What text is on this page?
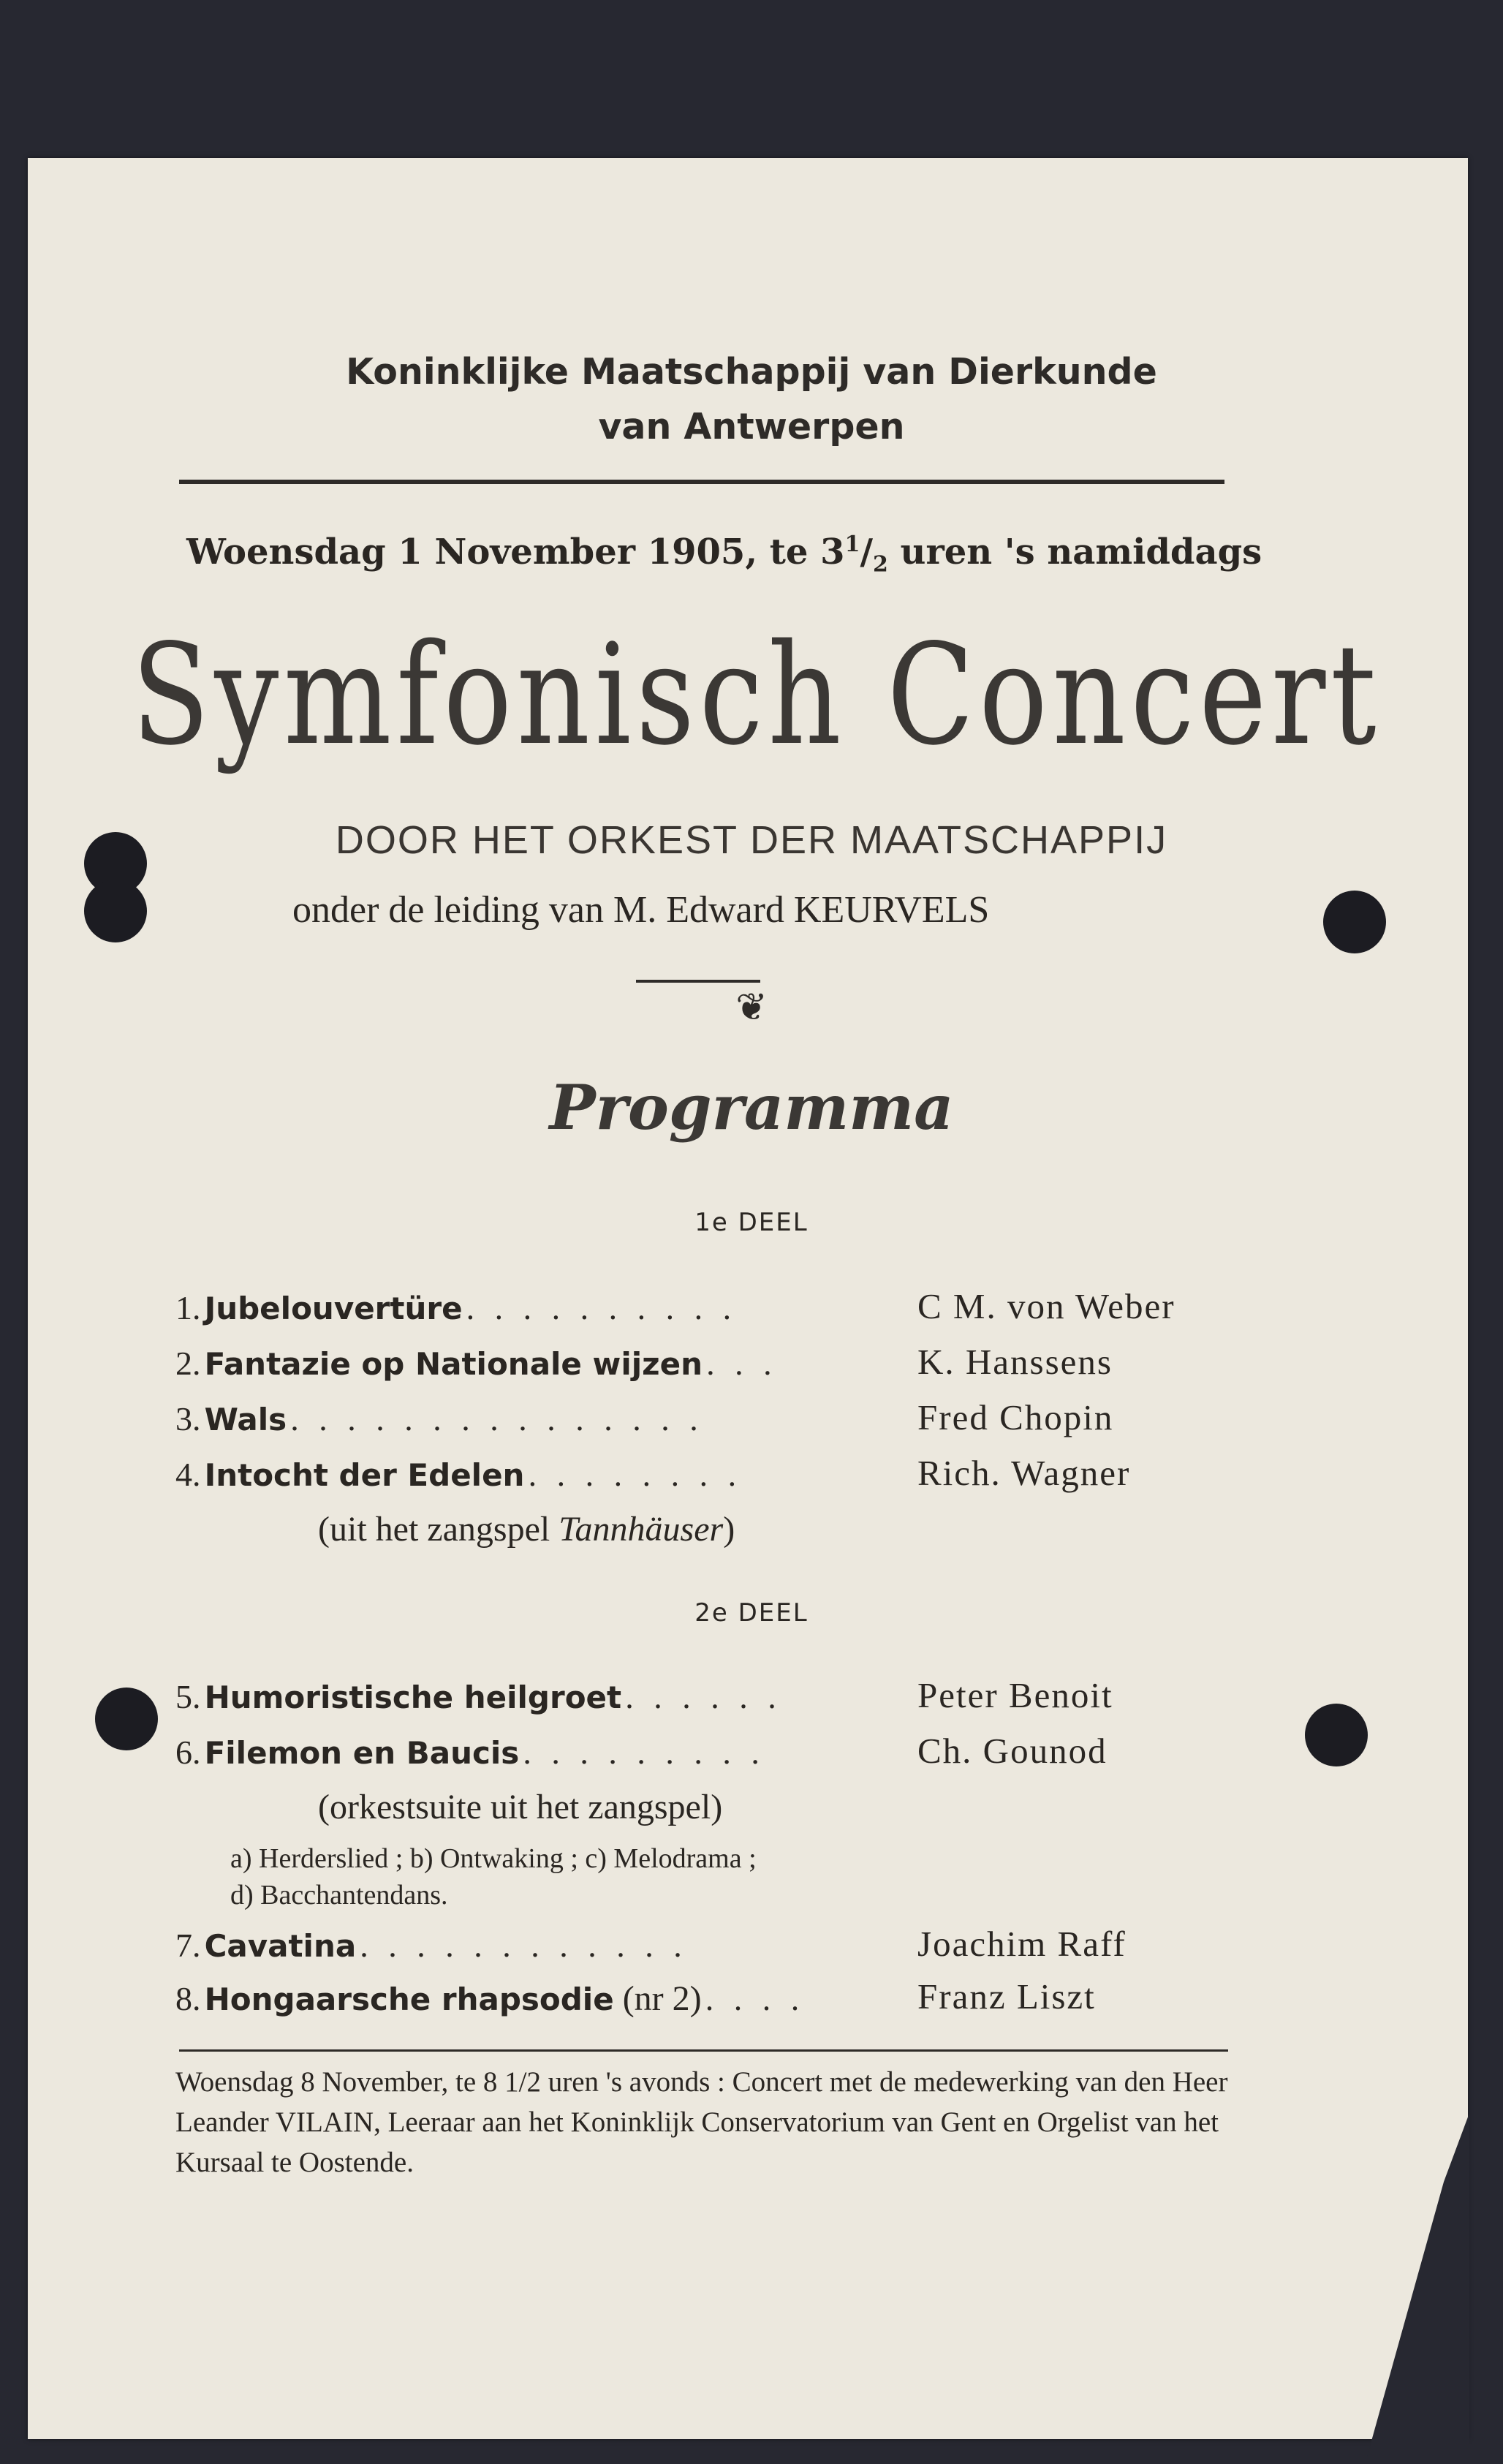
Koninklijke Maatschappij van Dierkunde
van Antwerpen
Woensdag 1 November 1905, te $3^1/_2$ uren 's namiddags
Symfonisch Concert
DOOR HET ORKEST DER MAATSCHAPPIJ
onder de leiding van M. Edward KEURVELS
❦
Programma
1e DEEL
1. Jubelouvertüre . . . . . . . . . .	C M. von Weber
2. Fantazie op Nationale wijzen . . .	K. Hanssens
3. Wals . . . . . . . . . . . . . . .	Fred Chopin
4. Intocht der Edelen . . . . . . . .	Rich. Wagner
(uit het zangspel Tannhäuser)
2e DEEL
5. Humoristische heilgroet . . . . . .	Peter Benoit
6. Filemon en Baucis . . . . . . . . .	Ch. Gounod
(orkestsuite uit het zangspel)
a) Herderslied ; b) Ontwaking ; c) Melodrama ;
d) Bacchantendans.
7. Cavatina . . . . . . . . . . . .	Joachim Raff
8. Hongaarsche rhapsodie (nr 2) . . . .	Franz Liszt
Woensdag 8 November, te 8 1/2 uren 's avonds : Concert met de medewerking van den Heer Leander VILAIN, Leeraar aan het Koninklijk Conservatorium van Gent en Orgelist van het Kursaal te Oostende.
